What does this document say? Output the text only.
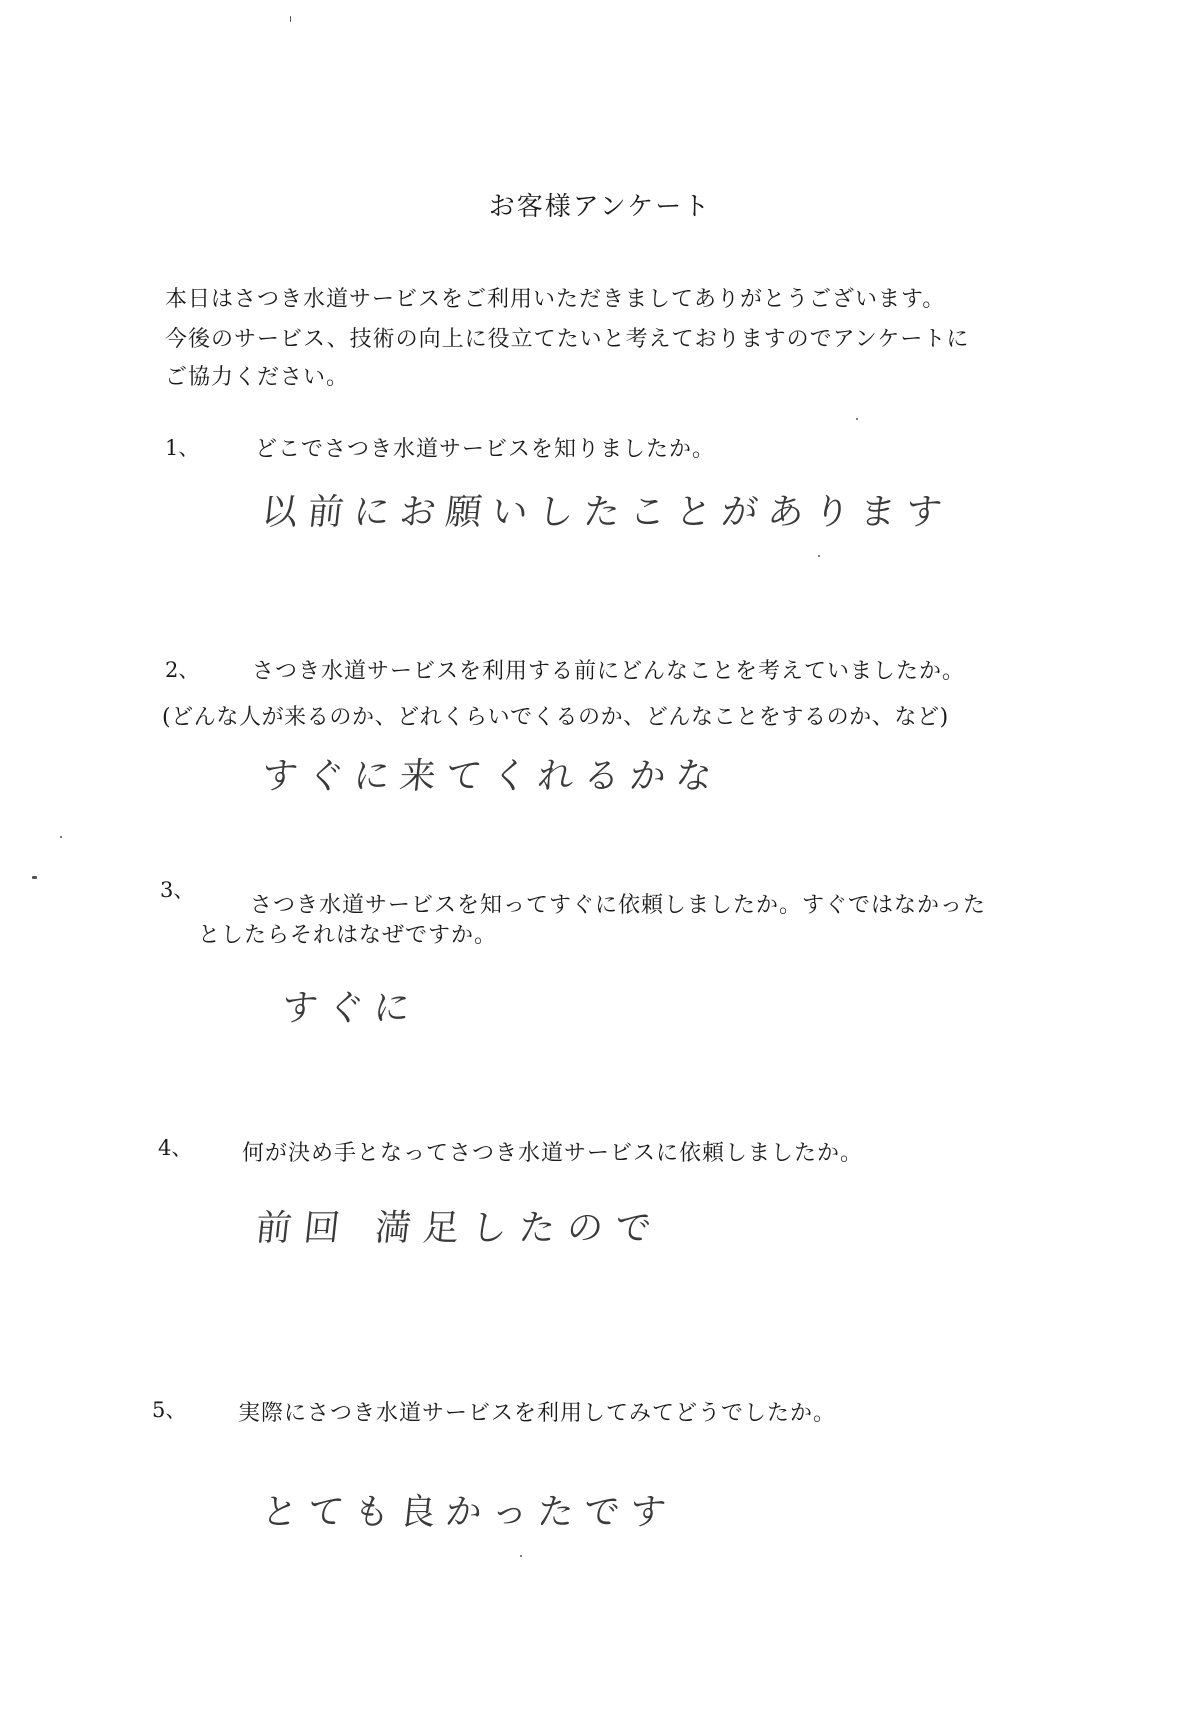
お客様アンケート
本日はさつき水道サービスをご利用いただきましてありがとうございます。
今後のサービス、技術の向上に役立てたいと考えておりますのでアンケートに
ご協力ください。
1、	どこでさつき水道サービスを知りましたか。
以前にお願いしたことがあります
2、 さつき水道サービスを利用する前にどんなことを考えていましたか。
(どんな人が来るのか、どれくらいでくるのか、どんなことをするのか、など)
すぐに来てくれるかな
3、
さつき水道サービスを知ってすぐに依頼しましたか。すぐではなかった
としたらそれはなぜですか。
すぐに
4、 何が決め手となってさつき水道サービスに依頼しましたか。
前回 満足したので
5、 実際にさつき水道サービスを利用してみてどうでしたか。
とても良かったです
